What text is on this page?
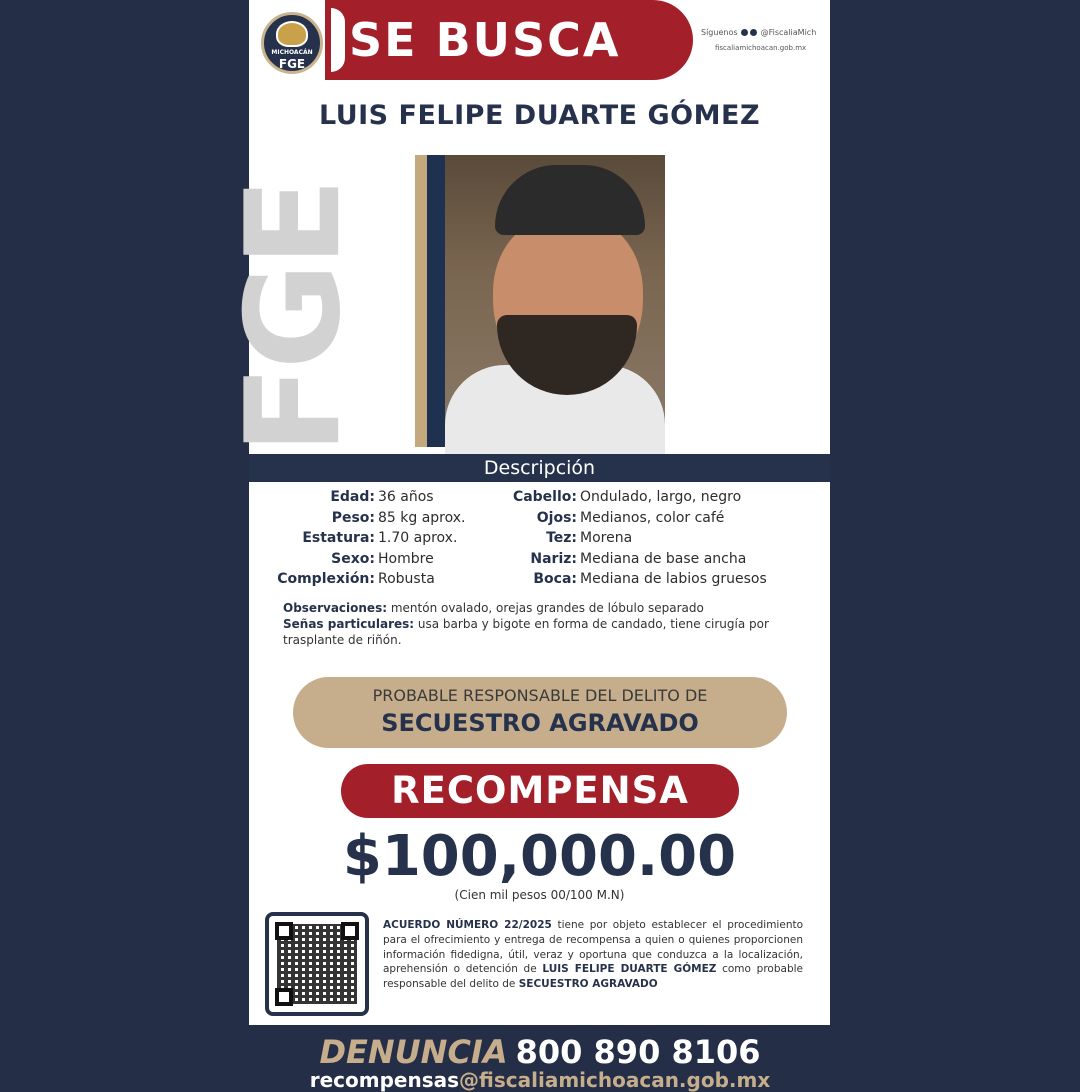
MICHOACÁN
FGE SE BUSCA	Síguenos	@FiscaliaMich
fiscaliamichoacan.gob.mx
LUIS FELIPE DUARTE GÓMEZ
FGE
Descripción
Edad: 36 años
Peso: 85 kg aprox.
Estatura: 1.70 aprox.
Sexo: Hombre
Complexión: Robusta
Cabello: Ondulado, largo, negro
Ojos: Medianos, color café
Tez: Morena
Nariz: Mediana de base ancha
Boca: Mediana de labios gruesos
Observaciones: mentón ovalado, orejas grandes de lóbulo separado
Señas particulares: usa barba y bigote en forma de candado, tiene cirugía por trasplante de riñón.
PROBABLE RESPONSABLE DEL DELITO DE
SECUESTRO AGRAVADO
RECOMPENSA
$100,000.00
(Cien mil pesos 00/100 M.N)
ACUERDO NÚMERO 22/2025 tiene por objeto establecer el procedimiento para el ofrecimiento y entrega de recompensa a quien o quienes proporcionen información fidedigna, útil, veraz y oportuna que conduzca a la localización, aprehensión o detención de LUIS FELIPE DUARTE GÓMEZ como probable responsable del delito de SECUESTRO AGRAVADO
DENUNCIA 800 890 8106
recompensas@fiscaliamichoacan.gob.mx
